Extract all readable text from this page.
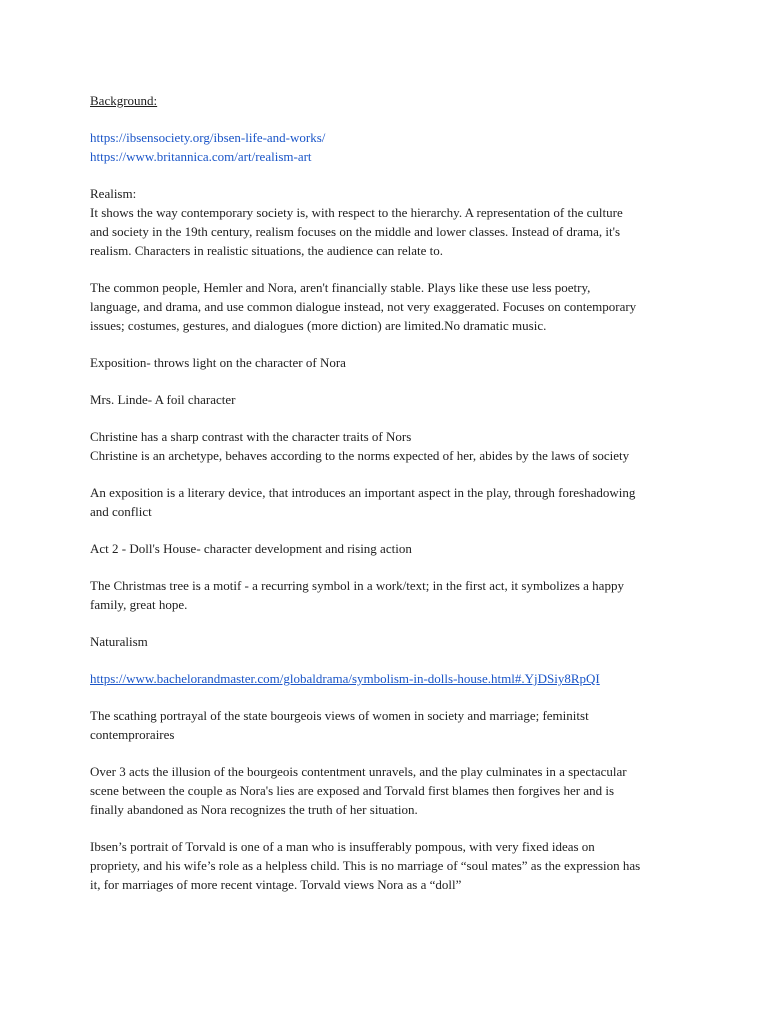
Background:
https://ibsensociety.org/ibsen-life-and-works/
https://www.britannica.com/art/realism-art
Realism:
It shows the way contemporary society is, with respect to the hierarchy. A representation of the culture
and society in the 19th century, realism focuses on the middle and lower classes. Instead of drama, it's
realism. Characters in realistic situations, the audience can relate to.
The common people, Hemler and Nora, aren't financially stable. Plays like these use less poetry,
language, and drama, and use common dialogue instead, not very exaggerated. Focuses on contemporary
issues; costumes, gestures, and dialogues (more diction) are limited.No dramatic music.
Exposition- throws light on the character of Nora
Mrs. Linde- A foil character
Christine has a sharp contrast with the character traits of Nors
Christine is an archetype, behaves according to the norms expected of her, abides by the laws of society
An exposition is a literary device, that introduces an important aspect in the play, through foreshadowing
and conflict
Act 2 - Doll's House- character development and rising action
The Christmas tree is a motif - a recurring symbol in a work/text; in the first act, it symbolizes a happy
family, great hope.
Naturalism
https://www.bachelorandmaster.com/globaldrama/symbolism-in-dolls-house.html#.YjDSiy8RpQI
The scathing portrayal of the state bourgeois views of women in society and marriage; feminitst
contemproraires
Over 3 acts the illusion of the bourgeois contentment unravels, and the play culminates in a spectacular
scene between the couple as Nora's lies are exposed and Torvald first blames then forgives her and is
finally abandoned as Nora recognizes the truth of her situation.
Ibsen’s portrait of Torvald is one of a man who is insufferably pompous, with very fixed ideas on
propriety, and his wife’s role as a helpless child. This is no marriage of “soul mates” as the expression has
it, for marriages of more recent vintage. Torvald views Nora as a “doll”
